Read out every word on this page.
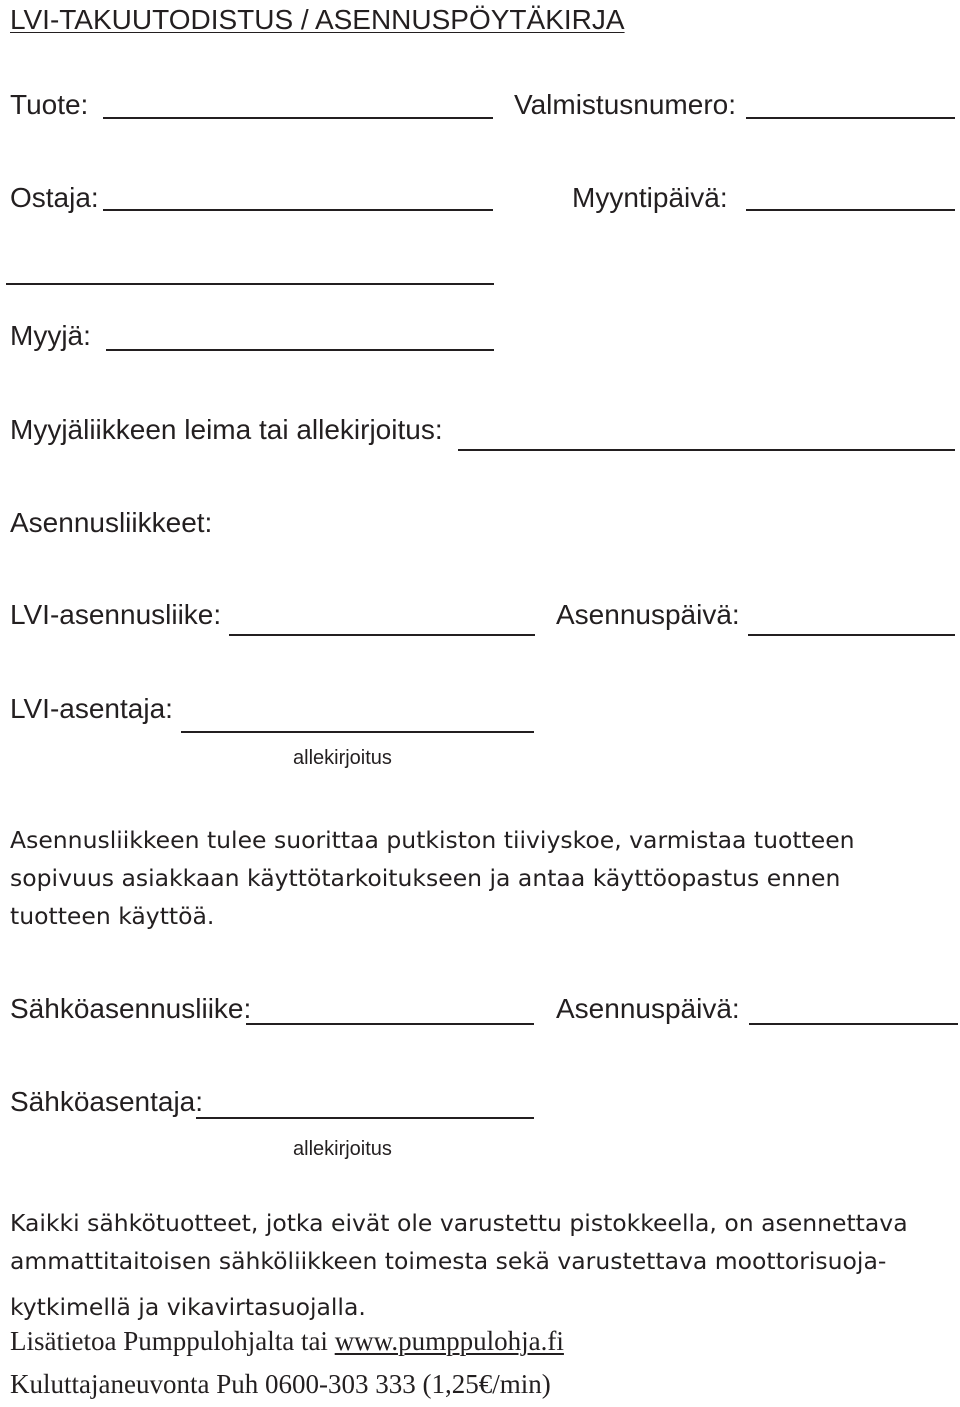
LVI-TAKUUTODISTUS / ASENNUSPÖYTÄKIRJA
Tuote:	Valmistusnumero:
Ostaja:	Myyntipäivä:
Myyjä:
Myyjäliikkeen leima tai allekirjoitus:
Asennusliikkeet:
LVI-asennusliike:	Asennuspäivä:
LVI-asentaja:
allekirjoitus
Asennusliikkeen tulee suorittaa putkiston tiiviyskoe, varmistaa tuotteen
sopivuus asiakkaan käyttötarkoitukseen ja antaa käyttöopastus ennen
tuotteen käyttöä.
Sähköasennusliike:	Asennuspäivä:
Sähköasentaja:
allekirjoitus
Kaikki sähkötuotteet, jotka eivät ole varustettu pistokkeella, on asennettava
ammattitaitoisen sähköliikkeen toimesta sekä varustettava moottorisuoja-
kytkimellä ja vikavirtasuojalla.
Lisätietoa Pumppulohjalta tai www.pumppulohja.fi
Kuluttajaneuvonta Puh 0600-303 333 (1,25€/min)
